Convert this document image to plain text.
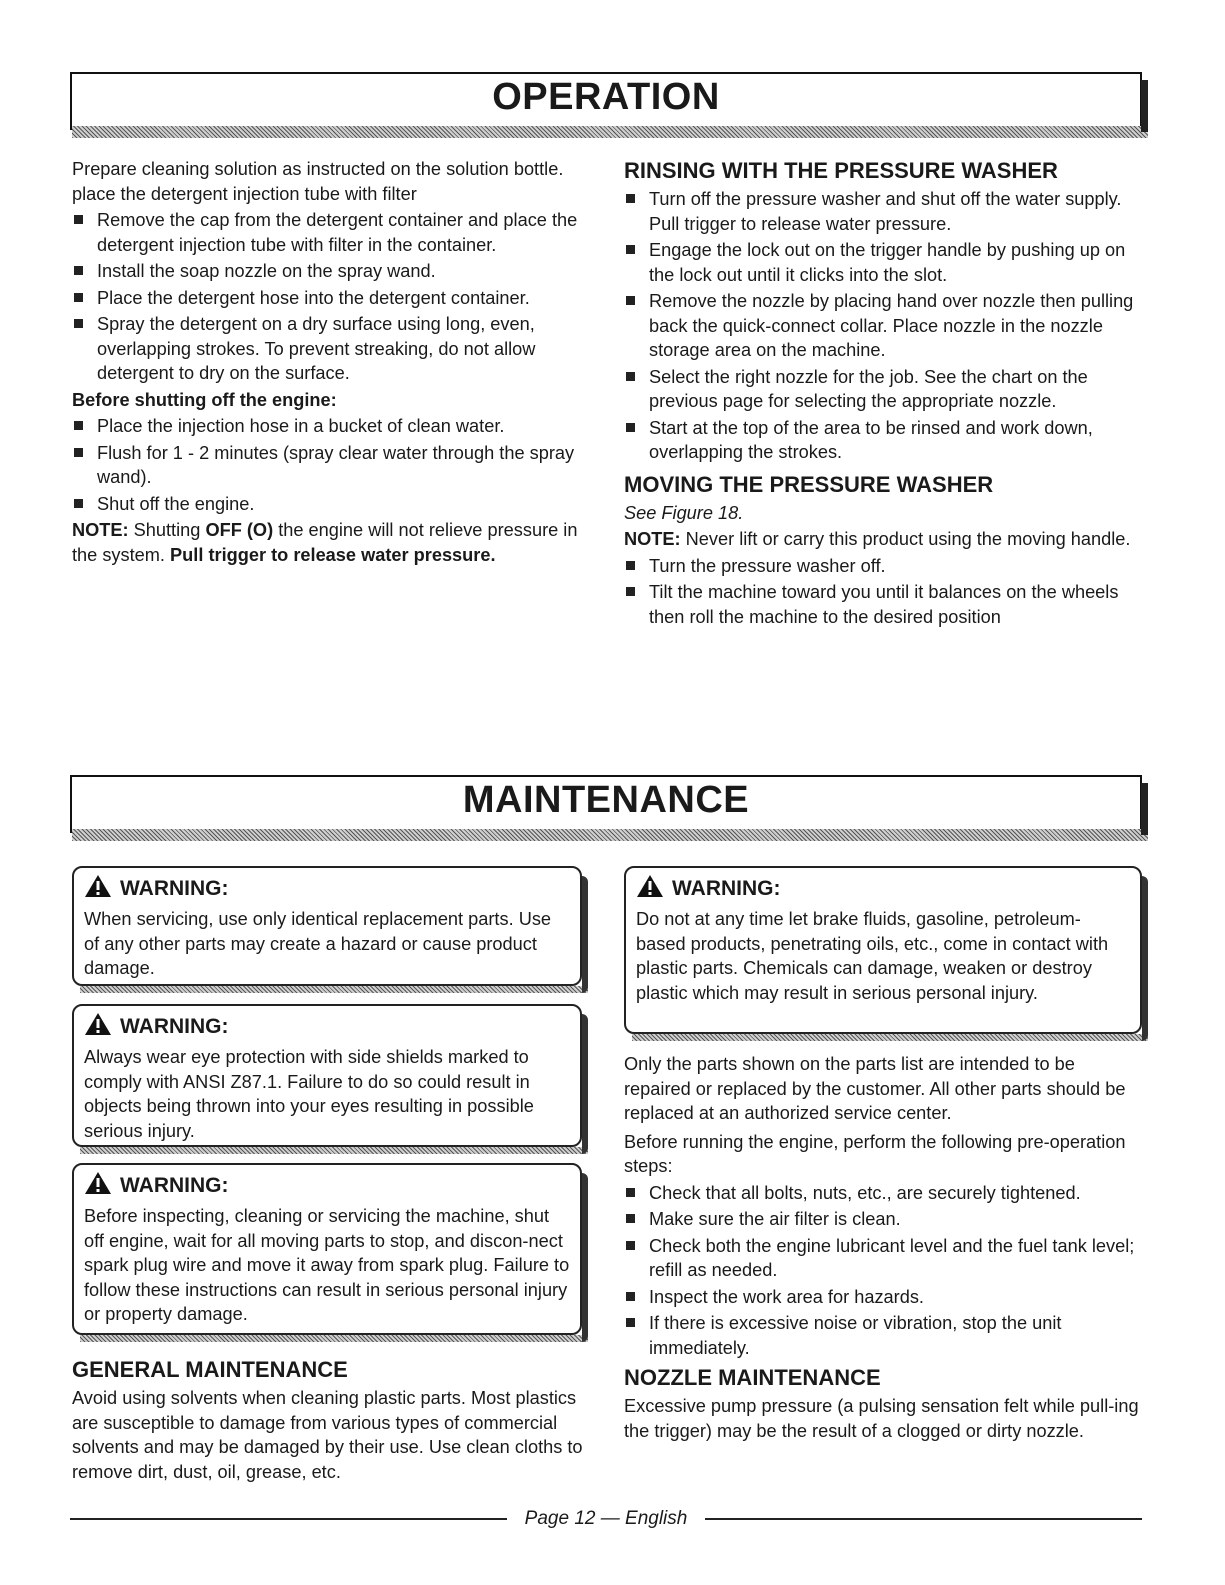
OPERATION

Prepare cleaning solution as instructed on the solution bottle. place the detergent injection tube with filter

Remove the cap from the detergent container and place the detergent injection tube with filter in the container.
Install the soap nozzle on the spray wand.
Place the detergent hose into the detergent container.
Spray the detergent on a dry surface using long, even, overlapping strokes. To prevent streaking, do not allow detergent to dry on the surface.

Before shutting off the engine:

Place the injection hose in a bucket of clean water.
Flush for 1 - 2 minutes (spray clear water through the spray wand).
Shut off the engine.

NOTE: Shutting OFF (O) the engine will not relieve pressure in the system. Pull trigger to release water pressure.

RINSING WITH THE PRESSURE WASHER
Turn off the pressure washer and shut off the water supply. Pull trigger to release water pressure.
Engage the lock out on the trigger handle by pushing up on the lock out until it clicks into the slot.
Remove the nozzle by placing hand over nozzle then pulling back the quick-connect collar. Place nozzle in the nozzle storage area on the machine.
Select the right nozzle for the job. See the chart on the previous page for selecting the appropriate nozzle.
Start at the top of the area to be rinsed and work down, overlapping the strokes.
MOVING THE PRESSURE WASHER

See Figure 18.

NOTE: Never lift or carry this product using the moving handle.

Turn the pressure washer off.
Tilt the machine toward you until it balances on the wheels then roll the machine to the desired position
MAINTENANCE
WARNING:
When servicing, use only identical replacement parts. Use of any other parts may create a hazard or cause product damage.
WARNING:
Always wear eye protection with side shields marked to comply with ANSI Z87.1. Failure to do so could result in objects being thrown into your eyes resulting in possible serious injury.
WARNING:
Before inspecting, cleaning or servicing the machine, shut off engine, wait for all moving parts to stop, and discon-nect spark plug wire and move it away from spark plug. Failure to follow these instructions can result in serious personal injury or property damage.
GENERAL MAINTENANCE

Avoid using solvents when cleaning plastic parts. Most plastics are susceptible to damage from various types of commercial solvents and may be damaged by their use. Use clean cloths to remove dirt, dust, oil, grease, etc.

WARNING:
Do not at any time let brake fluids, gasoline, petroleum-based products, penetrating oils, etc., come in contact with plastic parts. Chemicals can damage, weaken or destroy plastic which may result in serious personal injury.

Only the parts shown on the parts list are intended to be repaired or replaced by the customer. All other parts should be replaced at an authorized service center.

Before running the engine, perform the following pre-operation steps:

Check that all bolts, nuts, etc., are securely tightened.
Make sure the air filter is clean.
Check both the engine lubricant level and the fuel tank level; refill as needed.
Inspect the work area for hazards.
If there is excessive noise or vibration, stop the unit immediately.
NOZZLE MAINTENANCE

Excessive pump pressure (a pulsing sensation felt while pull-ing the trigger) may be the result of a clogged or dirty nozzle.

Page 12 — English
